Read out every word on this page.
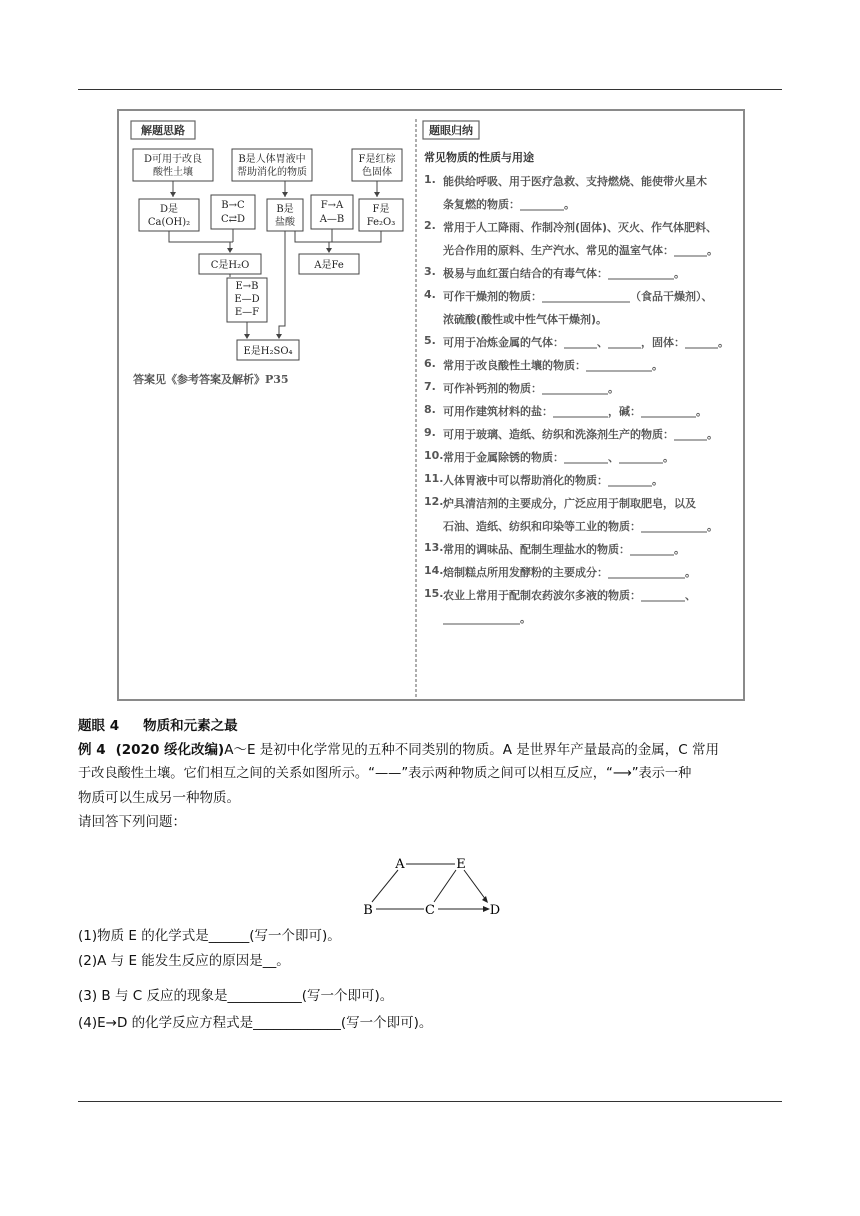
解题思路	题眼归纳
D可用于改良
酸性土壤
B是人体胃液中
帮助消化的物质
F是红棕
色固体
D是
Ca(OH)₂
B→C
C⇄D
B是
盐酸
F→A
A—B
F是
Fe₂O₃
C是H₂O	A是Fe
E→B
E—D
E—F
E是H₂SO₄
答案见《参考答案及解析》P35
常见物质的性质与用途
1. 能供给呼吸、用于医疗急救、支持燃烧、能使带火星木
条复燃的物质：________。
2. 常用于人工降雨、作制冷剂(固体)、灭火、作气体肥料、
光合作用的原料、生产汽水、常见的温室气体：______。
3. 极易与血红蛋白结合的有毒气体：____________。
4. 可作干燥剂的物质：________________（食品干燥剂）、
浓硫酸(酸性或中性气体干燥剂)。
5. 可用于冶炼金属的气体：______、______，固体：______。
6. 常用于改良酸性土壤的物质：____________。
7. 可作补钙剂的物质：____________。
8. 可用作建筑材料的盐：__________，碱：__________。
9. 可用于玻璃、造纸、纺织和洗涤剂生产的物质：______。
10. 常用于金属除锈的物质：________、________。
11. 人体胃液中可以帮助消化的物质：________。
12. 炉具清洁剂的主要成分，广泛应用于制取肥皂，以及
石油、造纸、纺织和印染等工业的物质：____________。
13. 常用的调味品、配制生理盐水的物质：________。
14. 焙制糕点所用发酵粉的主要成分：______________。
15. 农业上常用于配制农药波尔多液的物质：________、
______________。
题眼 4 物质和元素之最
例 4 (2020 绥化改编)A～E 是初中化学常见的五种不同类别的物质。A 是世界年产量最高的金属，C 常用
于改良酸性土壤。它们相互之间的关系如图所示。“——”表示两种物质之间可以相互反应，“⟶”表示一种
物质可以生成另一种物质。
请回答下列问题：
A	E
B	C	D
(1)物质 E 的化学式是______(写一个即可)。
(2)A 与 E 能发生反应的原因是__。
(3) B 与 C 反应的现象是___________(写一个即可)。
(4)E→D 的化学反应方程式是_____________(写一个即可)。
